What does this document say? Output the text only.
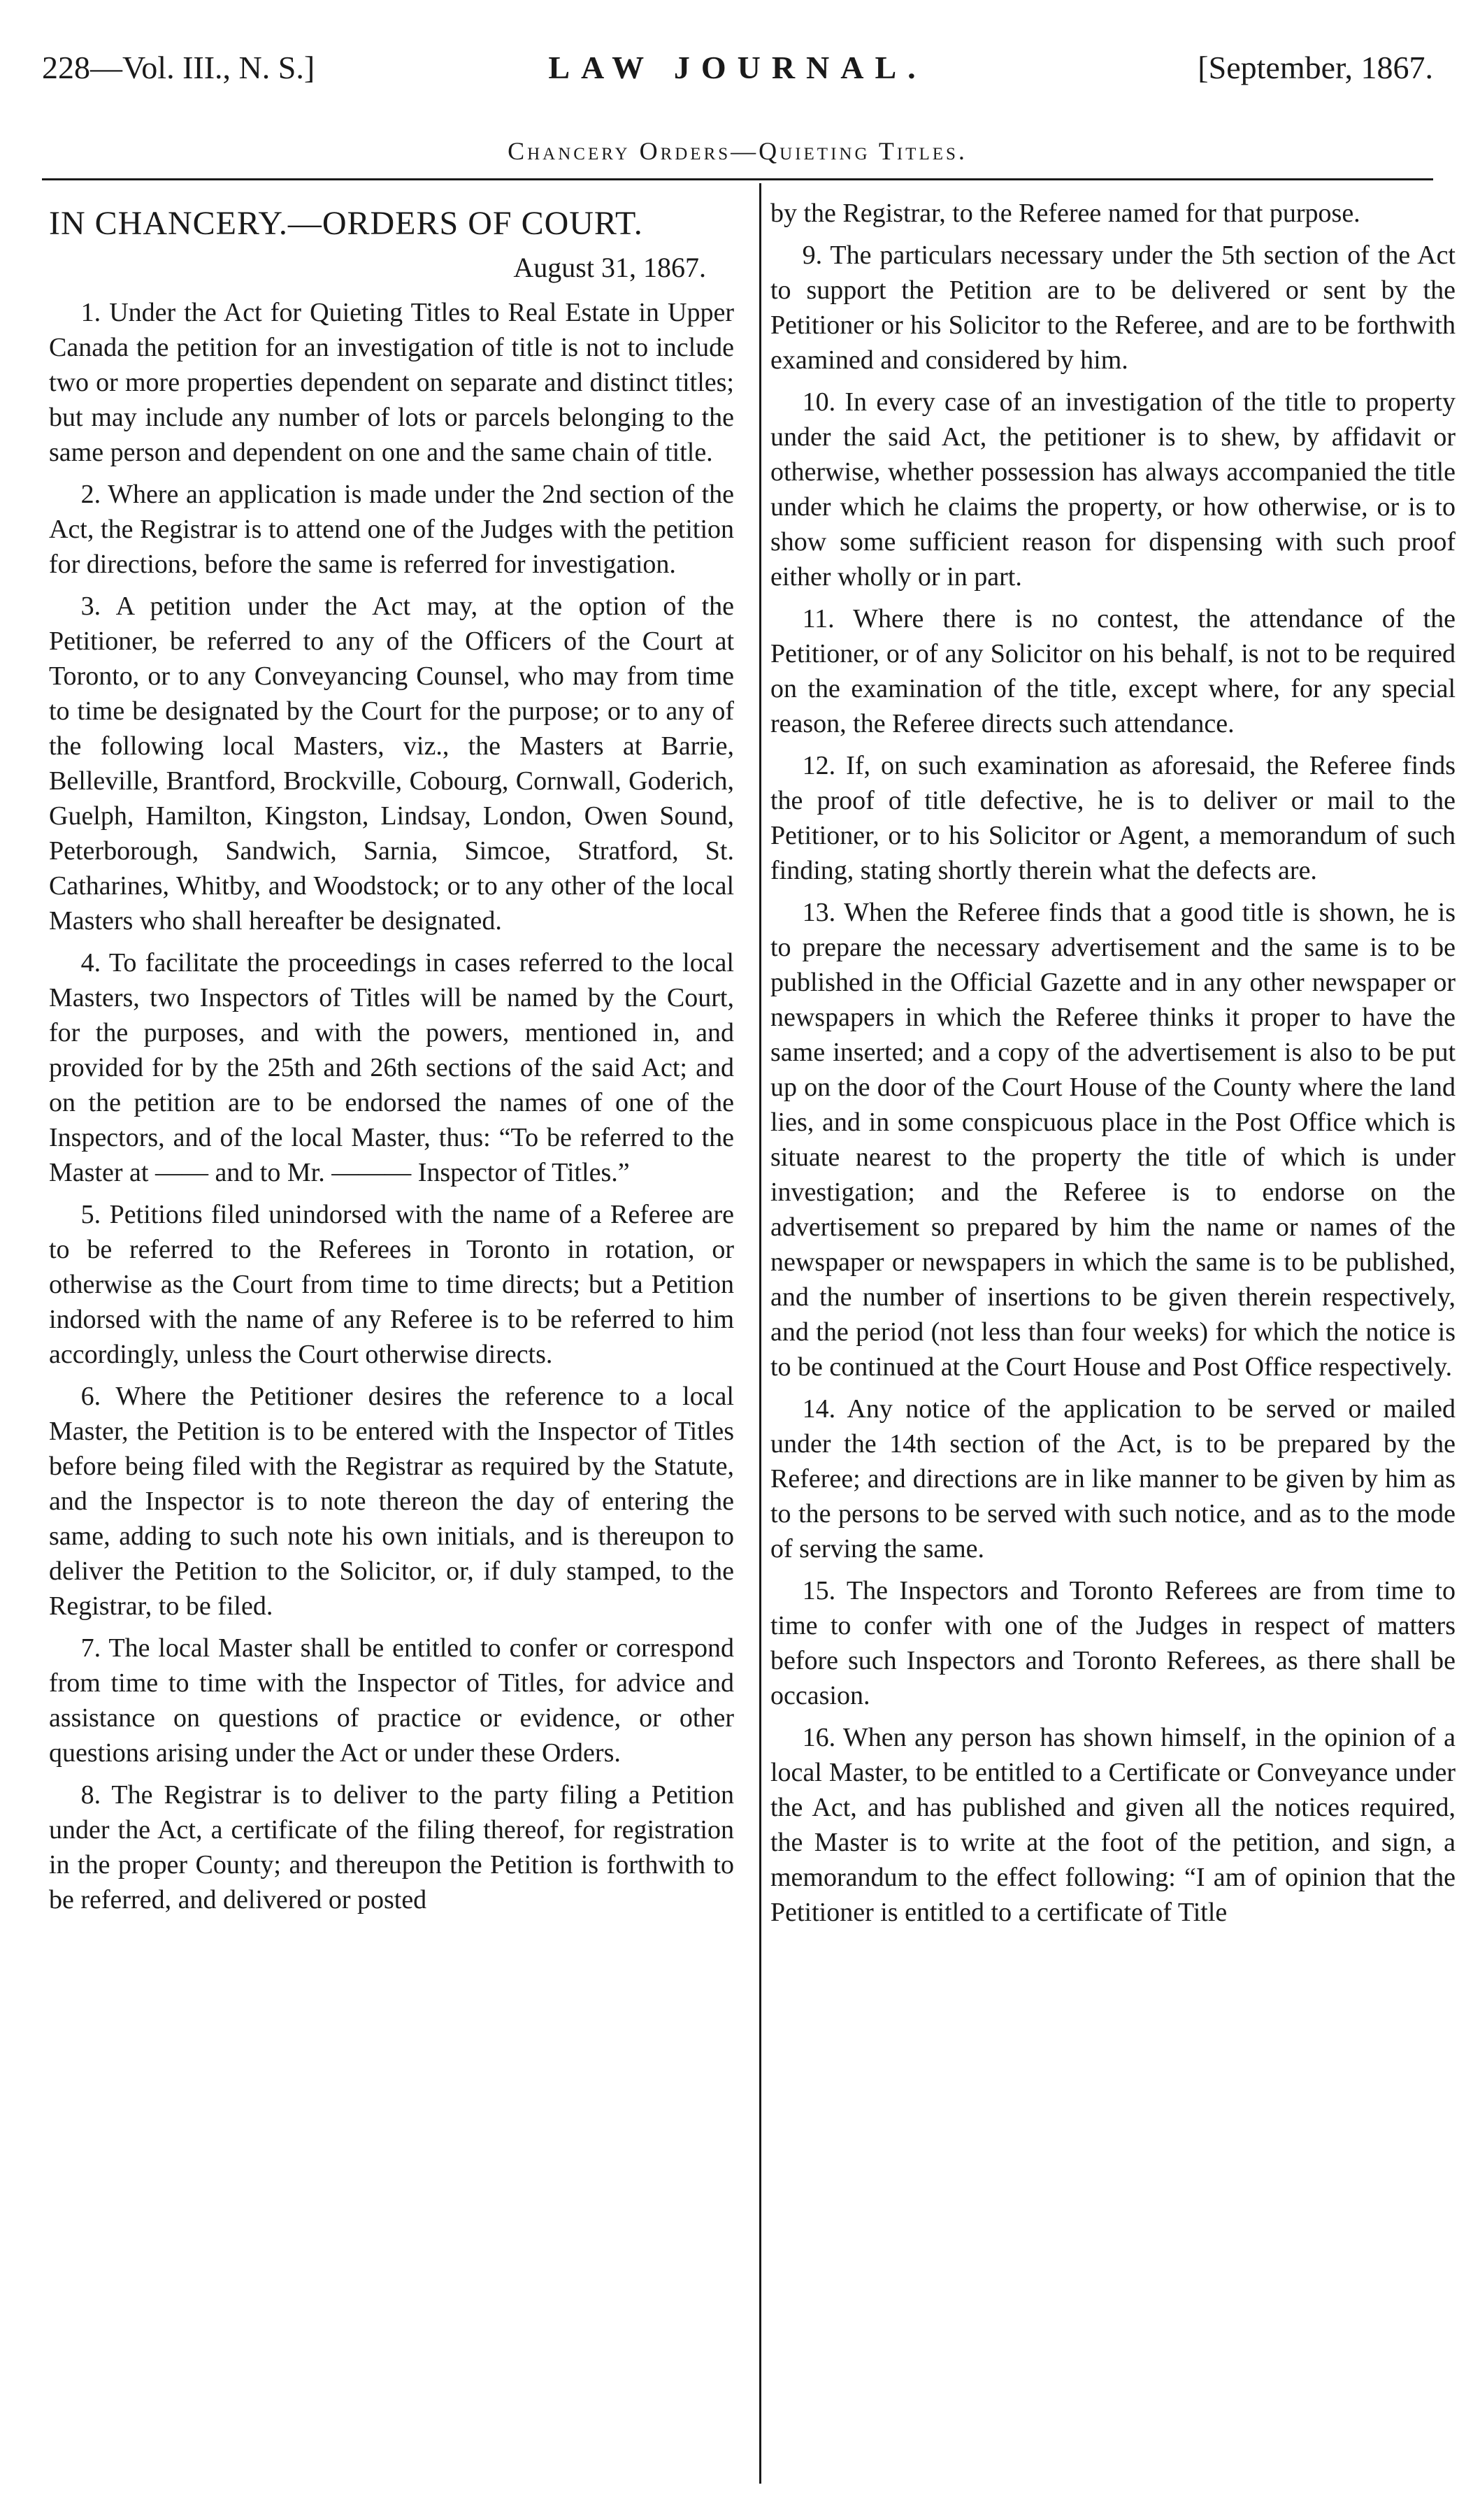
228—Vol. III., N. S.]	LAW JOURNAL.	[September, 1867.
Chancery Orders—Quieting Titles.
IN CHANCERY.—ORDERS OF COURT.
August 31, 1867.

1. Under the Act for Quieting Titles to Real Estate in Upper Canada the petition for an investigation of title is not to include two or more properties dependent on separate and distinct titles; but may include any number of lots or parcels belonging to the same person and dependent on one and the same chain of title.

2. Where an application is made under the 2nd section of the Act, the Registrar is to attend one of the Judges with the petition for directions, before the same is referred for investigation.

3. A petition under the Act may, at the option of the Petitioner, be referred to any of the Officers of the Court at Toronto, or to any Conveyancing Counsel, who may from time to time be designated by the Court for the purpose; or to any of the following local Masters, viz., the Masters at Barrie, Belleville, Brantford, Brockville, Cobourg, Cornwall, Goderich, Guelph, Hamilton, Kingston, Lindsay, London, Owen Sound, Peterborough, Sandwich, Sarnia, Simcoe, Stratford, St. Catharines, Whitby, and Woodstock; or to any other of the local Masters who shall hereafter be designated.

4. To facilitate the proceedings in cases referred to the local Masters, two Inspectors of Titles will be named by the Court, for the purposes, and with the powers, mentioned in, and provided for by the 25th and 26th sections of the said Act; and on the petition are to be endorsed the names of one of the Inspectors, and of the local Master, thus: “To be referred to the Master at —— and to Mr. ——— Inspector of Titles.”

5. Petitions filed unindorsed with the name of a Referee are to be referred to the Referees in Toronto in rotation, or otherwise as the Court from time to time directs; but a Petition indorsed with the name of any Referee is to be referred to him accordingly, unless the Court otherwise directs.

6. Where the Petitioner desires the reference to a local Master, the Petition is to be entered with the Inspector of Titles before being filed with the Registrar as required by the Statute, and the Inspector is to note thereon the day of entering the same, adding to such note his own initials, and is thereupon to deliver the Petition to the Solicitor, or, if duly stamped, to the Registrar, to be filed.

7. The local Master shall be entitled to confer or correspond from time to time with the Inspector of Titles, for advice and assistance on questions of practice or evidence, or other questions arising under the Act or under these Orders.

8. The Registrar is to deliver to the party filing a Petition under the Act, a certificate of the filing thereof, for registration in the proper County; and thereupon the Petition is forthwith to be referred, and delivered or posted

by the Registrar, to the Referee named for that purpose.

9. The particulars necessary under the 5th section of the Act to support the Petition are to be delivered or sent by the Petitioner or his Solicitor to the Referee, and are to be forthwith examined and considered by him.

10. In every case of an investigation of the title to property under the said Act, the petitioner is to shew, by affidavit or otherwise, whether possession has always accompanied the title under which he claims the property, or how otherwise, or is to show some sufficient reason for dispensing with such proof either wholly or in part.

11. Where there is no contest, the attendance of the Petitioner, or of any Solicitor on his behalf, is not to be required on the examination of the title, except where, for any special reason, the Referee directs such attendance.

12. If, on such examination as aforesaid, the Referee finds the proof of title defective, he is to deliver or mail to the Petitioner, or to his Solicitor or Agent, a memorandum of such finding, stating shortly therein what the defects are.

13. When the Referee finds that a good title is shown, he is to prepare the necessary advertisement and the same is to be published in the Official Gazette and in any other newspaper or newspapers in which the Referee thinks it proper to have the same inserted; and a copy of the advertisement is also to be put up on the door of the Court House of the County where the land lies, and in some conspicuous place in the Post Office which is situate nearest to the property the title of which is under investigation; and the Referee is to endorse on the advertisement so prepared by him the name or names of the newspaper or newspapers in which the same is to be published, and the number of insertions to be given therein respectively, and the period (not less than four weeks) for which the notice is to be continued at the Court House and Post Office respectively.

14. Any notice of the application to be served or mailed under the 14th section of the Act, is to be prepared by the Referee; and directions are in like manner to be given by him as to the persons to be served with such notice, and as to the mode of serving the same.

15. The Inspectors and Toronto Referees are from time to time to confer with one of the Judges in respect of matters before such Inspectors and Toronto Referees, as there shall be occasion.

16. When any person has shown himself, in the opinion of a local Master, to be entitled to a Certificate or Conveyance under the Act, and has published and given all the notices required, the Master is to write at the foot of the petition, and sign, a memorandum to the effect following: “I am of opinion that the Petitioner is entitled to a certificate of Title
